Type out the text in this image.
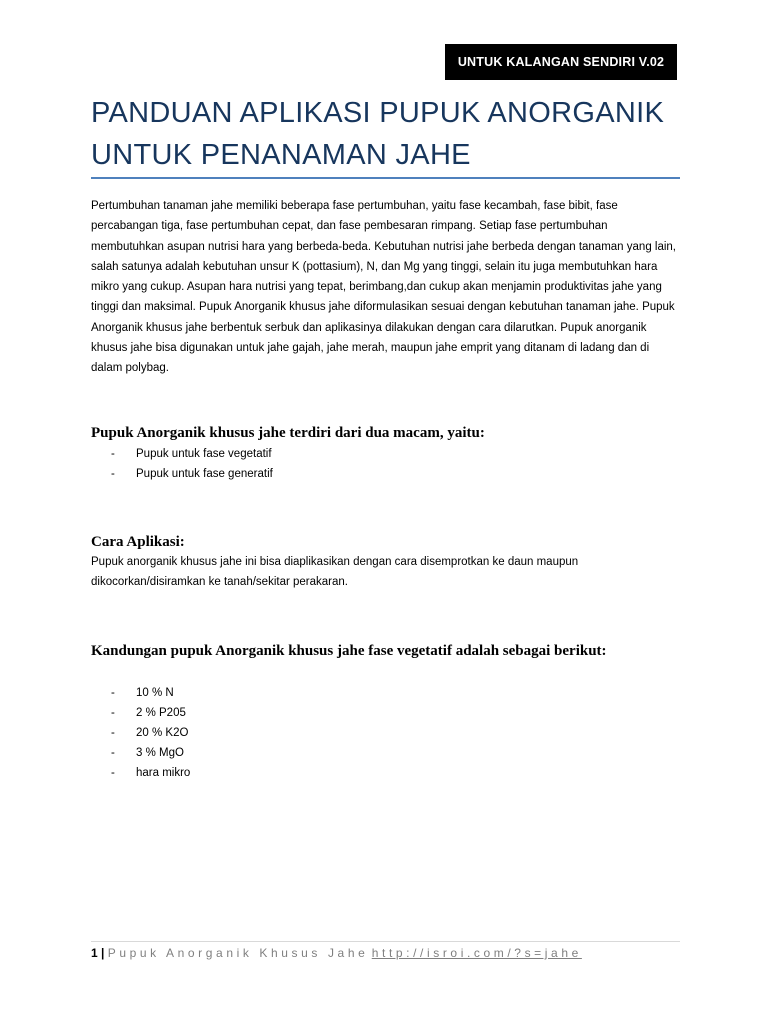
UNTUK KALANGAN SENDIRI V.02
PANDUAN APLIKASI PUPUK ANORGANIK
UNTUK PENANAMAN JAHE

Pertumbuhan tanaman jahe memiliki beberapa fase pertumbuhan, yaitu fase kecambah, fase bibit, fase percabangan tiga, fase pertumbuhan cepat, dan fase pembesaran rimpang. Setiap fase pertumbuhan membutuhkan asupan nutrisi hara yang berbeda-beda. Kebutuhan nutrisi jahe berbeda dengan tanaman yang lain, salah satunya adalah kebutuhan unsur K (pottasium), N, dan Mg yang tinggi, selain itu juga membutuhkan hara mikro yang cukup. Asupan hara nutrisi yang tepat, berimbang,dan cukup akan menjamin produktivitas jahe yang tinggi dan maksimal. Pupuk Anorganik khusus jahe diformulasikan sesuai dengan kebutuhan tanaman jahe. Pupuk Anorganik khusus jahe berbentuk serbuk dan aplikasinya dilakukan dengan cara dilarutkan. Pupuk anorganik khusus jahe bisa digunakan untuk jahe gajah, jahe merah, maupun jahe emprit yang ditanam di ladang dan di dalam polybag.

Pupuk Anorganik khusus jahe terdiri dari dua macam, yaitu:
-	Pupuk untuk fase vegetatif
-	Pupuk untuk fase generatif
Cara Aplikasi:

Pupuk anorganik khusus jahe ini bisa diaplikasikan dengan cara disemprotkan ke daun maupun dikocorkan/disiramkan ke tanah/sekitar perakaran.

Kandungan pupuk Anorganik khusus jahe fase vegetatif adalah sebagai berikut:
-	10 % N
-	2 % P205
-	20 % K2O
-	3 % MgO
-	hara mikro
1 | Pupuk Anorganik Khusus Jahe http://isroi.com/?s=jahe
